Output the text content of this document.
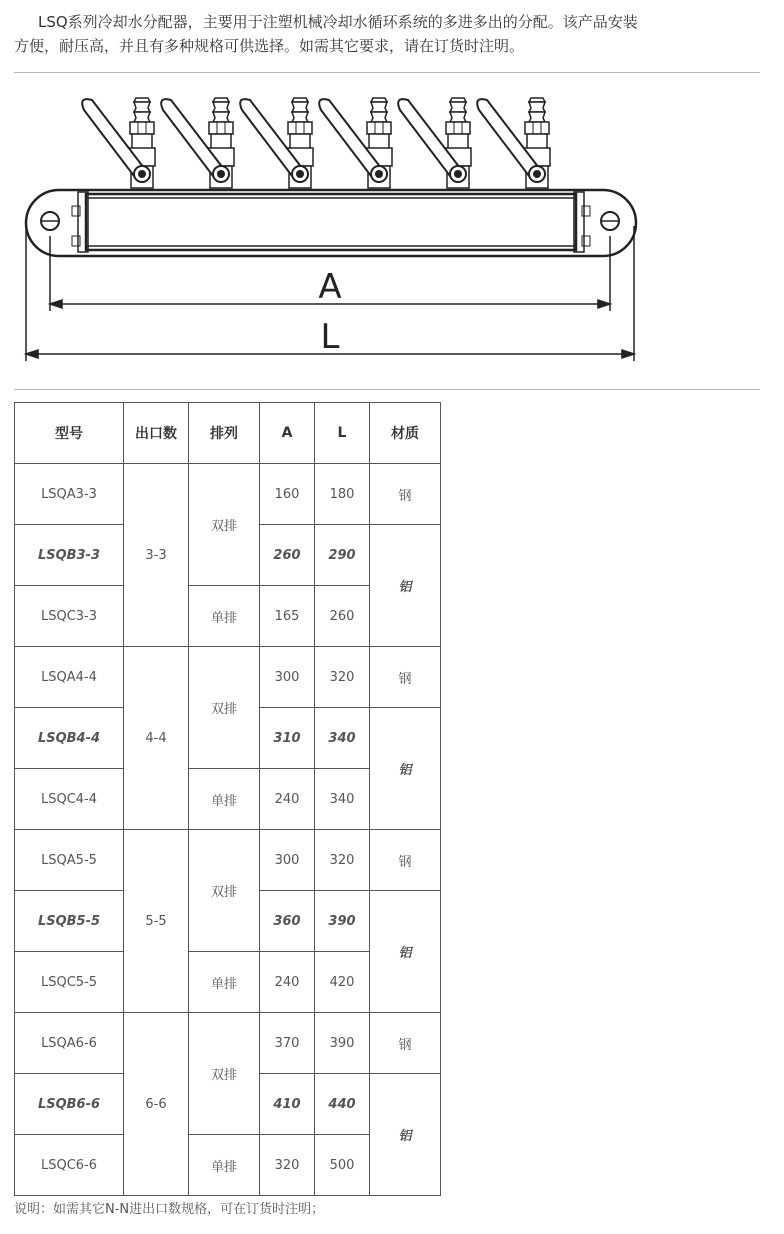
LSQ系列冷却水分配器，主要用于注塑机械冷却水循环系统的多进多出的分配。该产品安装
方便，耐压高，并且有多种规格可供选择。如需其它要求，请在订货时注明。
A
L
型号	出口数	排列	A	L	材质
LSQA3-3	3-3	双排	160	180	钢
LSQB3-3			260	290	铝
LSQC3-3		单排	165	260	
LSQA4-4	4-4	双排	300	320	钢
LSQB4-4			310	340	铝
LSQC4-4		单排	240	340	
LSQA5-5	5-5	双排	300	320	钢
LSQB5-5			360	390	铝
LSQC5-5		单排	240	420	
LSQA6-6	6-6	双排	370	390	钢
LSQB6-6			410	440	铝
LSQC6-6		单排	320	500	
说明：如需其它N-N进出口数规格，可在订货时注明；
